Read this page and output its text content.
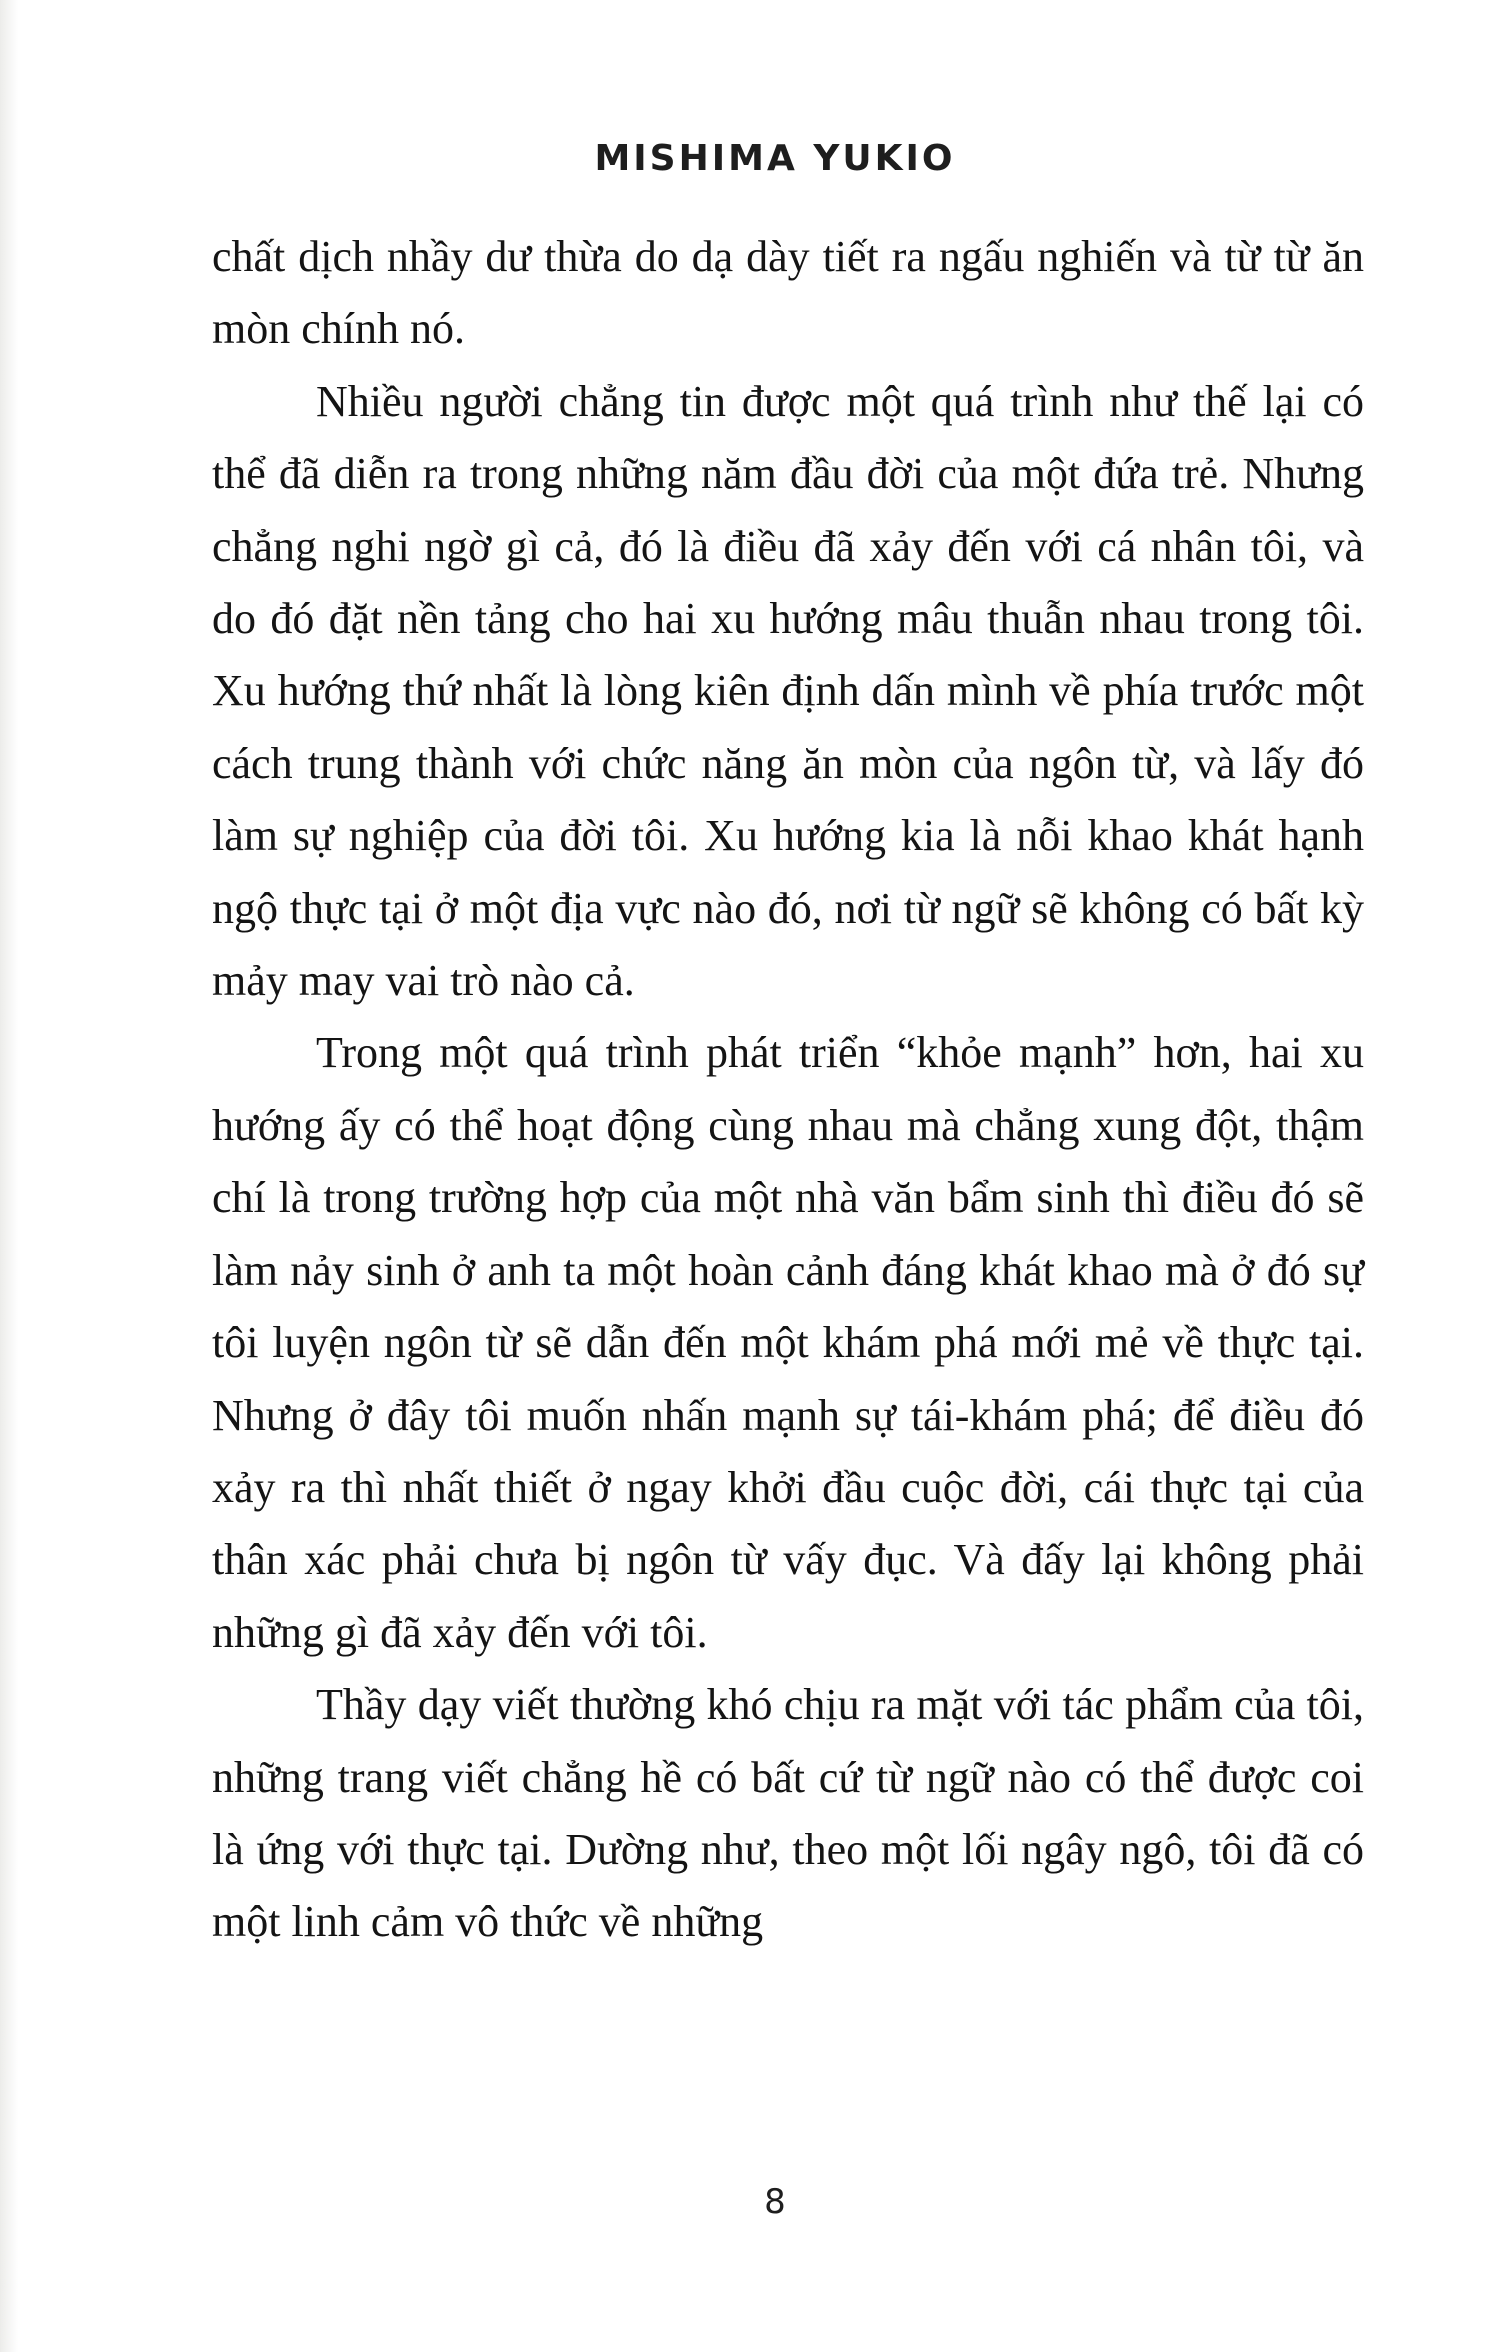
MISHIMA YUKIO

chất dịch nhầy dư thừa do dạ dày tiết ra ngấu nghiến và từ từ ăn mòn chính nó.

Nhiều người chẳng tin được một quá trình như thế lại có thể đã diễn ra trong những năm đầu đời của một đứa trẻ. Nhưng chẳng nghi ngờ gì cả, đó là điều đã xảy đến với cá nhân tôi, và do đó đặt nền tảng cho hai xu hướng mâu thuẫn nhau trong tôi. Xu hướng thứ nhất là lòng kiên định dấn mình về phía trước một cách trung thành với chức năng ăn mòn của ngôn từ, và lấy đó làm sự nghiệp của đời tôi. Xu hướng kia là nỗi khao khát hạnh ngộ thực tại ở một địa vực nào đó, nơi từ ngữ sẽ không có bất kỳ mảy may vai trò nào cả.

Trong một quá trình phát triển “khỏe mạnh” hơn, hai xu hướng ấy có thể hoạt động cùng nhau mà chẳng xung đột, thậm chí là trong trường hợp của một nhà văn bẩm sinh thì điều đó sẽ làm nảy sinh ở anh ta một hoàn cảnh đáng khát khao mà ở đó sự tôi luyện ngôn từ sẽ dẫn đến một khám phá mới mẻ về thực tại. Nhưng ở đây tôi muốn nhấn mạnh sự tái-khám phá; để điều đó xảy ra thì nhất thiết ở ngay khởi đầu cuộc đời, cái thực tại của thân xác phải chưa bị ngôn từ vấy đục. Và đấy lại không phải những gì đã xảy đến với tôi.

Thầy dạy viết thường khó chịu ra mặt với tác phẩm của tôi, những trang viết chẳng hề có bất cứ từ ngữ nào có thể được coi là ứng với thực tại. Dường như, theo một lối ngây ngô, tôi đã có một linh cảm vô thức về những

8
